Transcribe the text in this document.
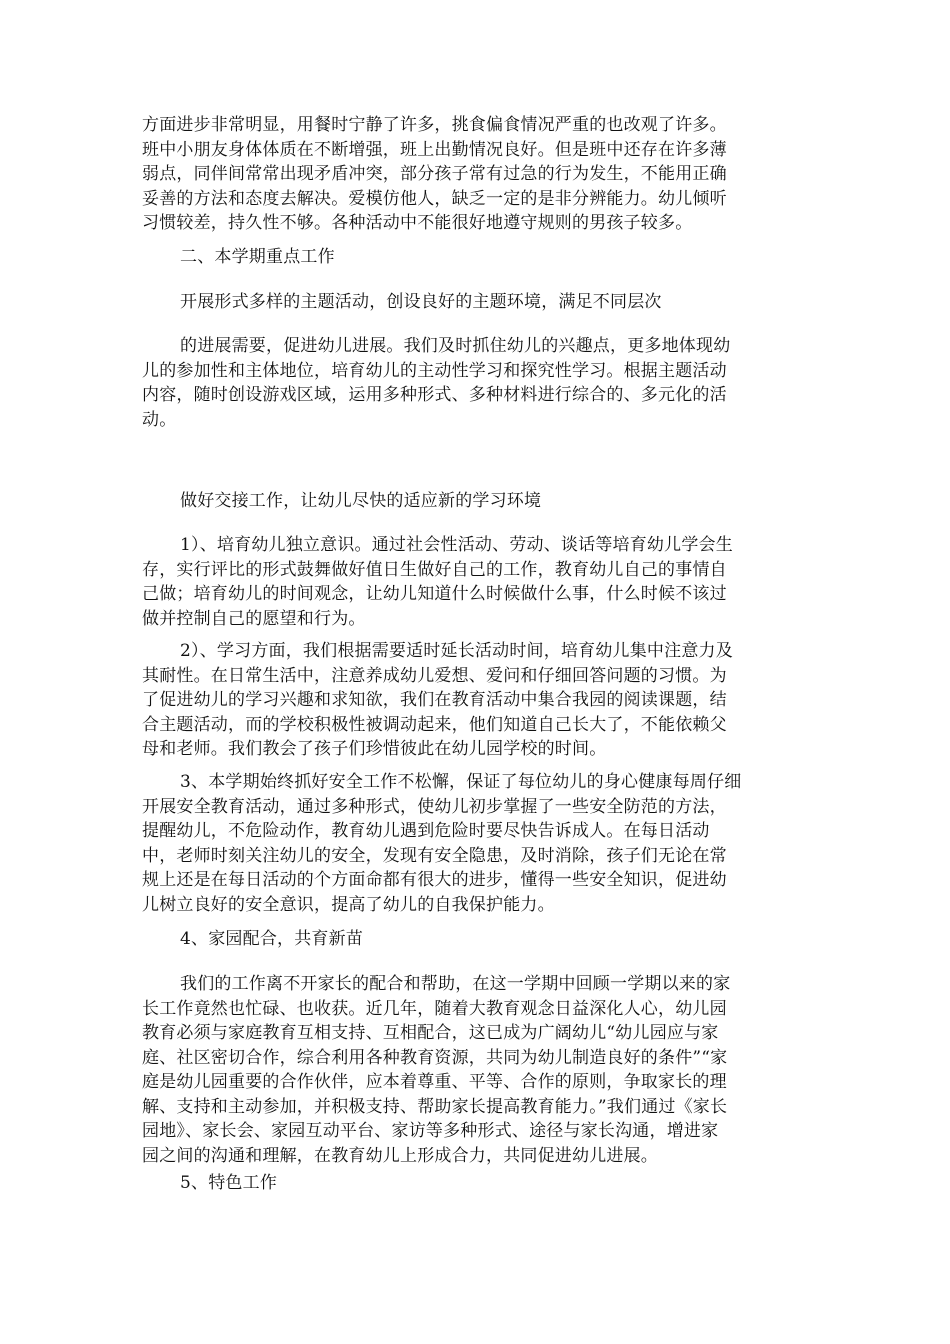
方面进步非常明显，用餐时宁静了许多，挑食偏食情况严重的也改观了许多。
班中小朋友身体体质在不断增强，班上出勤情况良好。但是班中还存在许多薄
弱点，同伴间常常出现矛盾冲突，部分孩子常有过急的行为发生，不能用正确
妥善的方法和态度去解决。爱模仿他人，缺乏一定的是非分辨能力。幼儿倾听
习惯较差，持久性不够。各种活动中不能很好地遵守规则的男孩子较多。

二、本学期重点工作

开展形式多样的主题活动，创设良好的主题环境，满足不同层次

的进展需要，促进幼儿进展。我们及时抓住幼儿的兴趣点，更多地体现幼
儿的参加性和主体地位，培育幼儿的主动性学习和探究性学习。根据主题活动
内容，随时创设游戏区域，运用多种形式、多种材料进行综合的、多元化的活
动。

做好交接工作，让幼儿尽快的适应新的学习环境

1）、培育幼儿独立意识。通过社会性活动、劳动、谈话等培育幼儿学会生
存，实行评比的形式鼓舞做好值日生做好自己的工作，教育幼儿自己的事情自
己做；培育幼儿的时间观念，让幼儿知道什么时候做什么事，什么时候不该过
做并控制自己的愿望和行为。

2）、学习方面，我们根据需要适时延长活动时间，培育幼儿集中注意力及
其耐性。在日常生活中，注意养成幼儿爱想、爱问和仔细回答问题的习惯。为
了促进幼儿的学习兴趣和求知欲，我们在教育活动中集合我园的阅读课题，结
合主题活动，而的学校积极性被调动起来，他们知道自己长大了，不能依赖父
母和老师。我们教会了孩子们珍惜彼此在幼儿园学校的时间。

3、本学期始终抓好安全工作不松懈，保证了每位幼儿的身心健康每周仔细
开展安全教育活动，通过多种形式，使幼儿初步掌握了一些安全防范的方法，
提醒幼儿，不危险动作，教育幼儿遇到危险时要尽快告诉成人。在每日活动
中，老师时刻关注幼儿的安全，发现有安全隐患，及时消除，孩子们无论在常
规上还是在每日活动的个方面命都有很大的进步，懂得一些安全知识，促进幼
儿树立良好的安全意识，提高了幼儿的自我保护能力。

4、家园配合，共育新苗

我们的工作离不开家长的配合和帮助，在这一学期中回顾一学期以来的家
长工作竟然也忙碌、也收获。近几年，随着大教育观念日益深化人心，幼儿园
教育必须与家庭教育互相支持、互相配合，这已成为广阔幼儿“幼儿园应与家
庭、社区密切合作，综合利用各种教育资源，共同为幼儿制造良好的条件”“家
庭是幼儿园重要的合作伙伴，应本着尊重、平等、合作的原则，争取家长的理
解、支持和主动参加，并积极支持、帮助家长提高教育能力。”我们通过《家长
园地》、家长会、家园互动平台、家访等多种形式、途径与家长沟通，增进家
园之间的沟通和理解，在教育幼儿上形成合力，共同促进幼儿进展。

5、特色工作
